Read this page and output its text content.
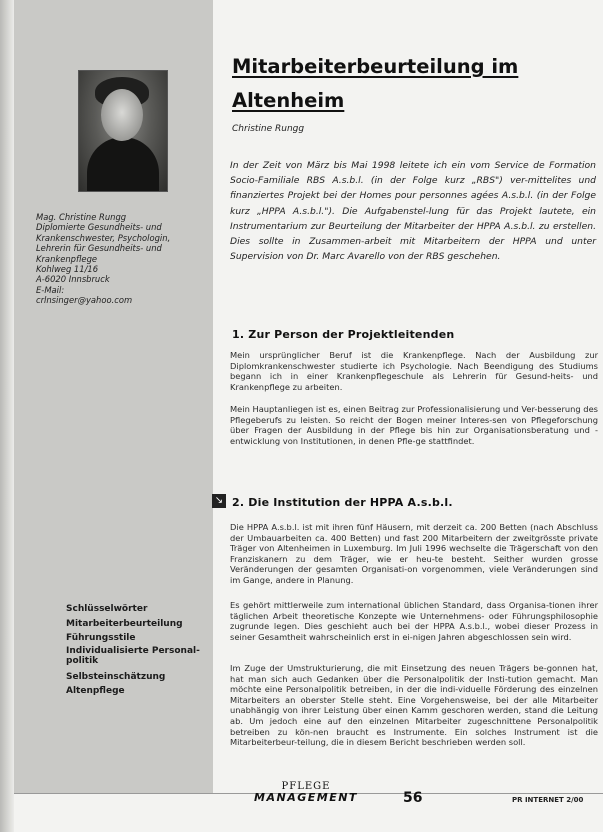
Mag. Christine Rungg
Diplomierte Gesundheits- und
Krankenschwester, Psychologin,
Lehrerin für Gesundheits- und
Krankenpflege
Kohlweg 11/16
A-6020 Innsbruck
E-Mail:
crlnsinger@yahoo.com
Schlüsselwörter
Mitarbeiterbeurteilung
Führungsstile
Individualisierte Personal-
politik
Selbsteinschätzung
Altenpflege
Mitarbeiterbeurteilung im
Altenheim
Christine Rungg
In der Zeit von März bis Mai 1998 leitete ich ein vom Service de Formation Socio-Familiale RBS A.s.b.l. (in der Folge kurz „RBS") ver-mittelites und finanziertes Projekt bei der Homes pour personnes agées A.s.b.l. (in der Folge kurz „HPPA A.s.b.l."). Die Aufgabenstel-lung für das Projekt lautete, ein Instrumentarium zur Beurteilung der Mitarbeiter der HPPA A.s.b.l. zu erstellen. Dies sollte in Zusammen-arbeit mit Mitarbeitern der HPPA und unter Supervision von Dr. Marc Avarello von der RBS geschehen.
1. Zur Person der Projektleitenden
Mein ursprünglicher Beruf ist die Krankenpflege. Nach der Ausbildung zur Diplomkrankenschwester studierte ich Psychologie. Nach Beendigung des Studiums begann ich in einer Krankenpflegeschule als Lehrerin für Gesund-heits- und Krankenpflege zu arbeiten.
Mein Hauptanliegen ist es, einen Beitrag zur Professionalisierung und Ver-besserung des Pflegeberufs zu leisten. So reicht der Bogen meiner Interes-sen von Pflegeforschung über Fragen der Ausbildung in der Pflege bis hin zur Organisationsberatung und -entwicklung von Institutionen, in denen Pfle-ge stattfindet.
↘ 2. Die Institution der HPPA A.s.b.l.
Die HPPA A.s.b.l. ist mit ihren fünf Häusern, mit derzeit ca. 200 Betten (nach Abschluss der Umbauarbeiten ca. 400 Betten) und fast 200 Mitarbeitern der zweitgrösste private Träger von Altenheimen in Luxemburg. Im Juli 1996 wechselte die Trägerschaft von den Franziskanern zu dem Träger, wie er heu-te besteht. Seither wurden grosse Veränderungen der gesamten Organisati-on vorgenommen, viele Veränderungen sind im Gange, andere in Planung.
Es gehört mittlerweile zum international üblichen Standard, dass Organisa-tionen ihrer täglichen Arbeit theoretische Konzepte wie Unternehmens- oder Führungsphilosophie zugrunde legen. Dies geschieht auch bei der HPPA A.s.b.l., wobei dieser Prozess in seiner Gesamtheit wahrscheinlich erst in ei-nigen Jahren abgeschlossen sein wird.
Im Zuge der Umstrukturierung, die mit Einsetzung des neuen Trägers be-gonnen hat, hat man sich auch Gedanken über die Personalpolitik der Insti-tution gemacht. Man möchte eine Personalpolitik betreiben, in der die indi-viduelle Förderung des einzelnen Mitarbeiters an oberster Stelle steht. Eine Vorgehensweise, bei der alle Mitarbeiter unabhängig von ihrer Leistung über einen Kamm geschoren werden, stand die Leitung ab. Um jedoch eine auf den einzelnen Mitarbeiter zugeschnittene Personalpolitik betreiben zu kön-nen braucht es Instrumente. Ein solches Instrument ist die Mitarbeiterbeur-teilung, die in diesem Bericht beschrieben werden soll.
PFLEGE
MANAGEMENT	56	PR INTERNET 2/00
